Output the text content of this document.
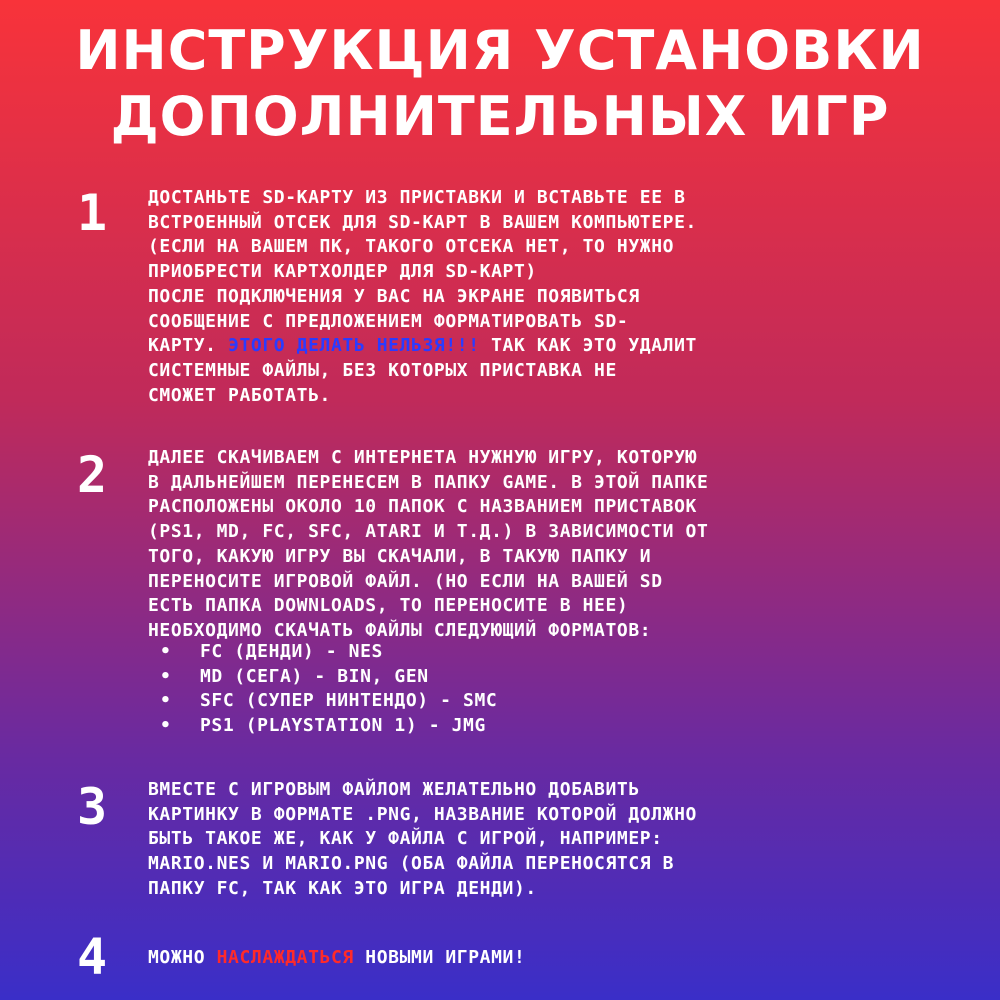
ИНСТРУКЦИЯ УСТАНОВКИ
ДОПОЛНИТЕЛЬНЫХ ИГР
1	ДОСТАНЬТЕ SD-КАРТУ ИЗ ПРИСТАВКИ И ВСТАВЬТЕ ЕЕ В
ВСТРОЕННЫЙ ОТСЕК ДЛЯ SD-КАРТ В ВАШЕМ КОМПЬЮТЕРЕ.
(ЕСЛИ НА ВАШЕМ ПК, ТАКОГО ОТСЕКА НЕТ, ТО НУЖНО
ПРИОБРЕСТИ КАРТХОЛДЕР ДЛЯ SD-КАРТ)
ПОСЛЕ ПОДКЛЮЧЕНИЯ У ВАС НА ЭКРАНЕ ПОЯВИТЬСЯ
СООБЩЕНИЕ С ПРЕДЛОЖЕНИЕМ ФОРМАТИРОВАТЬ SD-
КАРТУ. ЭТОГО ДЕЛАТЬ НЕЛЬЗЯ!!! ТАК КАК ЭТО УДАЛИТ
СИСТЕМНЫЕ ФАЙЛЫ, БЕЗ КОТОРЫХ ПРИСТАВКА НЕ
СМОЖЕТ РАБОТАТЬ.
2	ДАЛЕЕ СКАЧИВАЕМ С ИНТЕРНЕТА НУЖНУЮ ИГРУ, КОТОРУЮ
В ДАЛЬНЕЙШЕМ ПЕРЕНЕСЕМ В ПАПКУ GAME. В ЭТОЙ ПАПКЕ
РАСПОЛОЖЕНЫ ОКОЛО 10 ПАПОК С НАЗВАНИЕМ ПРИСТАВОК
(PS1, MD, FC, SFC, ATARI И Т.Д.) В ЗАВИСИМОСТИ ОТ
ТОГО, КАКУЮ ИГРУ ВЫ СКАЧАЛИ, В ТАКУЮ ПАПКУ И
ПЕРЕНОСИТЕ ИГРОВОЙ ФАЙЛ. (НО ЕСЛИ НА ВАШЕЙ SD
ЕСТЬ ПАПКА DOWNLOADS, ТО ПЕРЕНОСИТЕ В НЕЕ)
НЕОБХОДИМО СКАЧАТЬ ФАЙЛЫ СЛЕДУЮЩИЙ ФОРМАТОВ:
• FC (ДЕНДИ) - NES
• MD (СЕГА) - BIN, GEN
• SFC (СУПЕР НИНТЕНДО) - SMC
• PS1 (PLAYSTATION 1) - JMG
3	ВМЕСТЕ С ИГРОВЫМ ФАЙЛОМ ЖЕЛАТЕЛЬНО ДОБАВИТЬ
КАРТИНКУ В ФОРМАТЕ .PNG, НАЗВАНИЕ КОТОРОЙ ДОЛЖНО
БЫТЬ ТАКОЕ ЖЕ, КАК У ФАЙЛА С ИГРОЙ, НАПРИМЕР:
MARIO.NES И MARIO.PNG (ОБА ФАЙЛА ПЕРЕНОСЯТСЯ В
ПАПКУ FC, ТАК КАК ЭТО ИГРА ДЕНДИ).
4	МОЖНО НАСЛАЖДАТЬСЯ НОВЫМИ ИГРАМИ!
